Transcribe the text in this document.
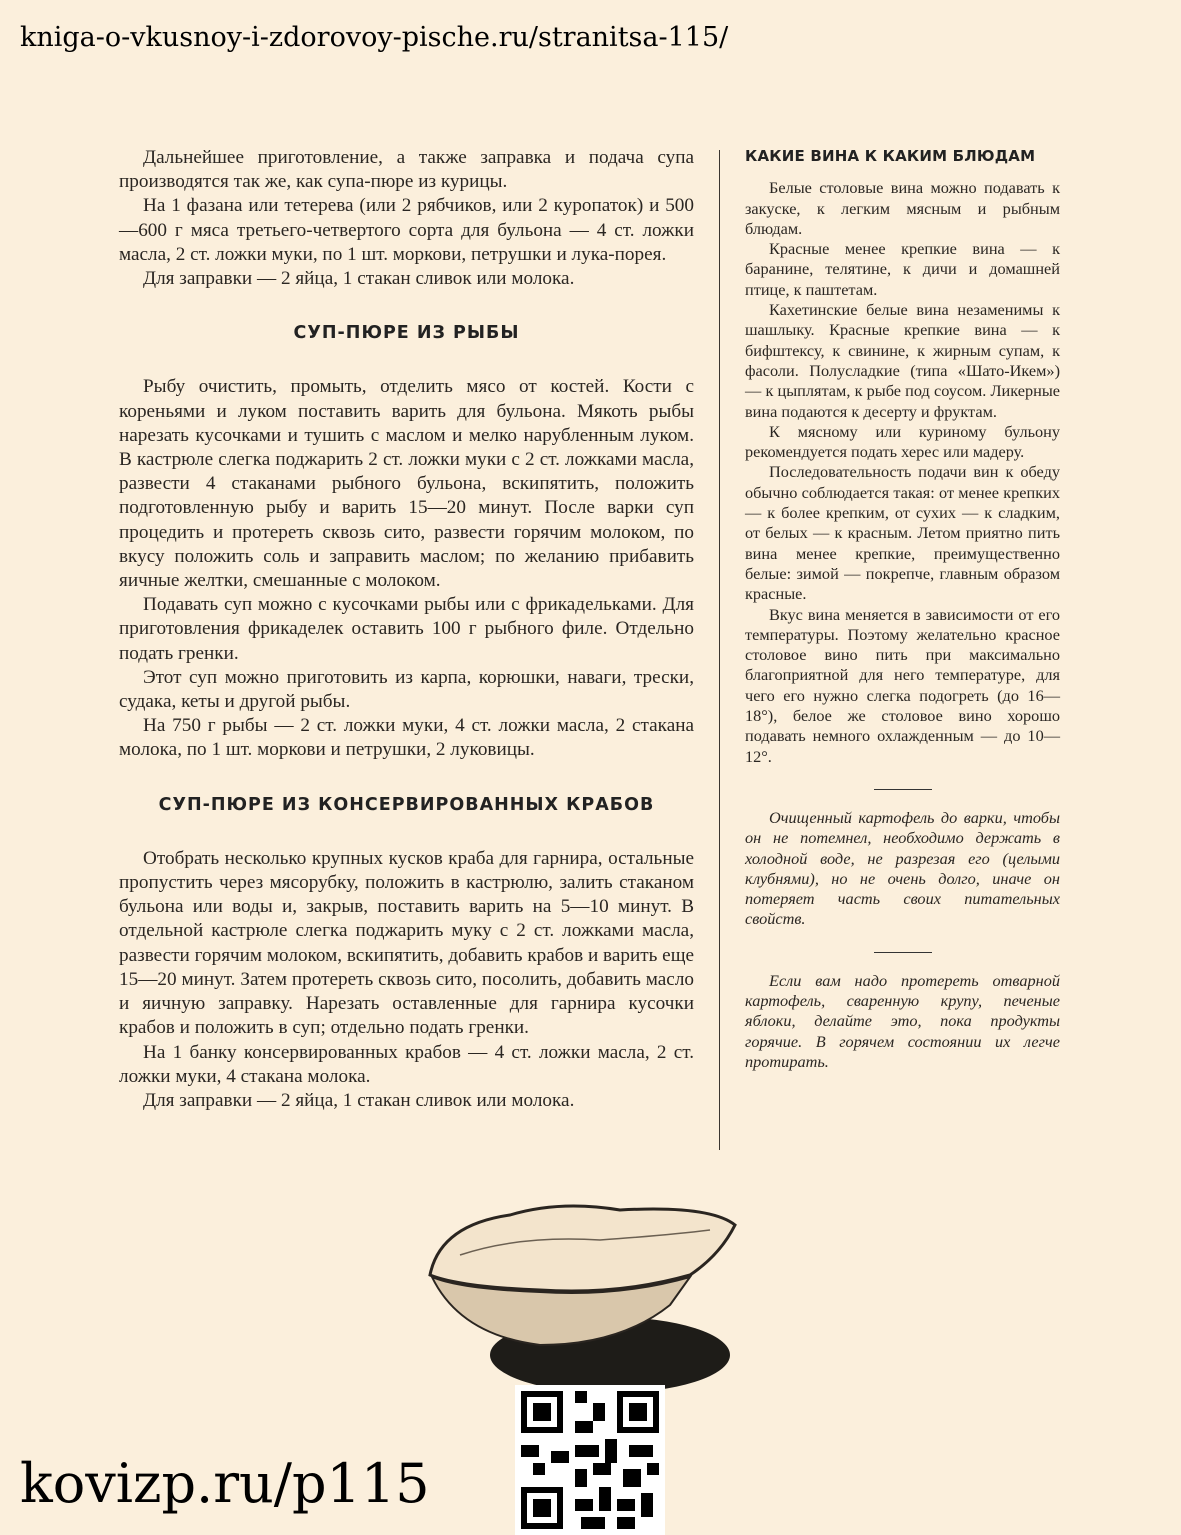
kniga-o-vkusnoy-i-zdorovoy-pische.ru/stranitsa-115/

Дальнейшее приготовление, а также заправка и подача супа производятся так же, как супа-пюре из курицы.

На 1 фазана или тетерева (или 2 рябчиков, или 2 куропаток) и 500—600 г мяса третьего-четвертого сорта для бульона — 4 ст. ложки масла, 2 ст. ложки муки, по 1 шт. моркови, петрушки и лука-порея.

Для заправки — 2 яйца, 1 стакан сливок или молока.

СУП-ПЮРЕ ИЗ РЫБЫ

Рыбу очистить, промыть, отделить мясо от костей. Кости с кореньями и луком поставить варить для бульона. Мякоть рыбы нарезать кусочками и тушить с маслом и мелко нарубленным луком. В кастрюле слегка поджарить 2 ст. ложки муки с 2 ст. ложками масла, развести 4 стаканами рыбного бульона, вскипятить, положить подготовленную рыбу и варить 15—20 минут. После варки суп процедить и протереть сквозь сито, развести горячим молоком, по вкусу положить соль и заправить маслом; по желанию прибавить яичные желтки, смешанные с молоком.

Подавать суп можно с кусочками рыбы или с фрикадельками. Для приготовления фрикаделек оставить 100 г рыбного филе. Отдельно подать гренки.

Этот суп можно приготовить из карпа, корюшки, наваги, трески, судака, кеты и другой рыбы.

На 750 г рыбы — 2 ст. ложки муки, 4 ст. ложки масла, 2 стакана молока, по 1 шт. моркови и петрушки, 2 луковицы.

СУП-ПЮРЕ ИЗ КОНСЕРВИРОВАННЫХ КРАБОВ

Отобрать несколько крупных кусков краба для гарнира, остальные пропустить через мясорубку, положить в кастрюлю, залить стаканом бульона или воды и, закрыв, поставить варить на 5—10 минут. В отдельной кастрюле слегка поджарить муку с 2 ст. ложками масла, развести горячим молоком, вскипятить, добавить крабов и варить еще 15—20 минут. Затем протереть сквозь сито, посолить, добавить масло и яичную заправку. Нарезать оставленные для гарнира кусочки крабов и положить в суп; отдельно подать гренки.

На 1 банку консервированных крабов — 4 ст. ложки масла, 2 ст. ложки муки, 4 стакана молока.

Для заправки — 2 яйца, 1 стакан сливок или молока.

КАКИЕ ВИНА К КАКИМ БЛЮДАМ

Белые столовые вина можно подавать к закуске, к легким мясным и рыбным блюдам.

Красные менее крепкие вина — к баранине, телятине, к дичи и домашней птице, к паштетам.

Кахетинские белые вина незаменимы к шашлыку. Красные крепкие вина — к бифштексу, к свинине, к жирным супам, к фасоли. Полусладкие (типа «Шато-Икем») — к цыплятам, к рыбе под соусом. Ликерные вина подаются к десерту и фруктам.

К мясному или куриному бульону рекомендуется подать херес или мадеру.

Последовательность подачи вин к обеду обычно соблюдается такая: от менее крепких — к более крепким, от сухих — к сладким, от белых — к красным. Летом приятно пить вина менее крепкие, преимущественно белые: зимой — покрепче, главным образом красные.

Вкус вина меняется в зависимости от его температуры. Поэтому желательно красное столовое вино пить при максимально благоприятной для него температуре, для чего его нужно слегка подогреть (до 16—18°), белое же столовое вино хорошо подавать немного охлажденным — до 10—12°.

Очищенный картофель до варки, чтобы он не потемнел, необходимо держать в холодной воде, не разрезая его (целыми клубнями), но не очень долго, иначе он потеряет часть своих питательных свойств.

Если вам надо протереть отварной картофель, сваренную крупу, печеные яблоки, делайте это, пока продукты горячие. В горячем состоянии их легче протирать.

kovizp.ru/p115
